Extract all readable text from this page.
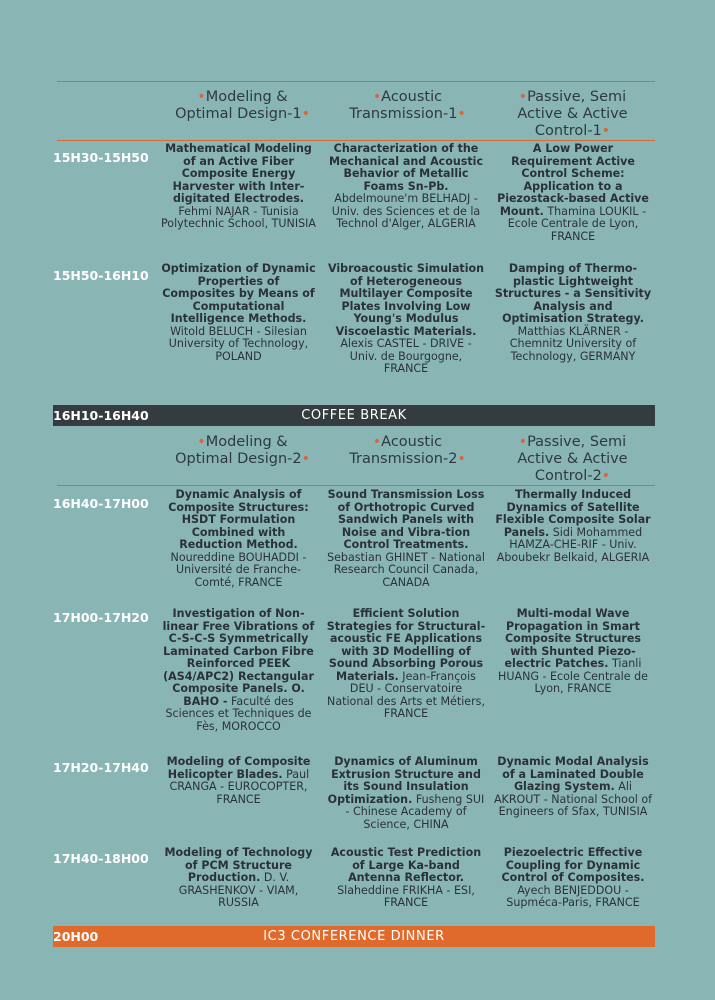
•Modeling &
Optimal Design-1•
•Acoustic
Transmission-1•
•Passive, Semi
Active & Active
Control-1•
15H30-15H50
Mathematical Modeling of an Active Fiber Composite Energy Harvester with Inter-digitated Electrodes. Fehmi NAJAR - Tunisia Polytechnic School, TUNISIA
Characterization of the Mechanical and Acoustic Behavior of Metallic Foams Sn-Pb. Abdelmoune'm BELHADJ - Univ. des Sciences et de la Technol d'Alger, ALGERIA
A Low Power Requirement Active Control Scheme: Application to a Piezostack-based Active Mount. Thamina LOUKIL - Ecole Centrale de Lyon, FRANCE
15H50-16H10	Optimization of Dynamic Properties of Composites by Means of Computational Intelligence Methods. Witold BELUCH - Silesian University of Technology, POLAND
Vibroacoustic Simulation of Heterogeneous Multilayer Composite Plates Involving Low Young's Modulus Viscoelastic Materials. Alexis CASTEL - DRIVE - Univ. de Bourgogne, FRANCE
Damping of Thermo-plastic Lightweight Structures - a Sensitivity Analysis and Optimisation Strategy. Matthias KLÄRNER - Chemnitz University of Technology, GERMANY
16H10-16H40	COFFEE BREAK
•Modeling &
Optimal Design-2•
•Acoustic
Transmission-2•
•Passive, Semi
Active & Active
Control-2•
16H40-17H00
Dynamic Analysis of Composite Structures: HSDT Formulation Combined with Reduction Method. Noureddine BOUHADDI - Université de Franche-Comté, FRANCE
Sound Transmission Loss of Orthotropic Curved Sandwich Panels with Noise and Vibra-tion Control Treatments. Sebastian GHINET - National Research Council Canada, CANADA
Thermally Induced Dynamics of Satellite Flexible Composite Solar Panels. Sidi Mohammed HAMZA-CHE-RIF - Univ. Aboubekr Belkaid, ALGERIA
17H00-17H20	Investigation of Non-linear Free Vibrations of C-S-C-S Symmetrically Laminated Carbon Fibre Reinforced PEEK (AS4/APC2) Rectangular Composite Panels. O. BAHO - Faculté des Sciences et Techniques de Fès, MOROCCO
Efficient Solution Strategies for Structural-acoustic FE Applications with 3D Modelling of Sound Absorbing Porous Materials. Jean-François DEU - Conservatoire National des Arts et Métiers, FRANCE
Multi-modal Wave Propagation in Smart Composite Structures with Shunted Piezo-electric Patches. Tianli HUANG - Ecole Centrale de Lyon, FRANCE
17H20-17H40	Modeling of Composite Helicopter Blades. Paul CRANGA - EUROCOPTER, FRANCE
Dynamics of Aluminum Extrusion Structure and its Sound Insulation Optimization. Fusheng SUI - Chinese Academy of Science, CHINA
Dynamic Modal Analysis of a Laminated Double Glazing System. Ali AKROUT - National School of Engineers of Sfax, TUNISIA
17H40-18H00	Modeling of Technology of PCM Structure Production. D. V. GRASHENKOV - VIAM, RUSSIA
Acoustic Test Prediction of Large Ka-band Antenna Reflector. Slaheddine FRIKHA - ESI, FRANCE
Piezoelectric Effective Coupling for Dynamic Control of Composites. Ayech BENJEDDOU - Supméca-Paris, FRANCE
20H00	IC3 CONFERENCE DINNER
